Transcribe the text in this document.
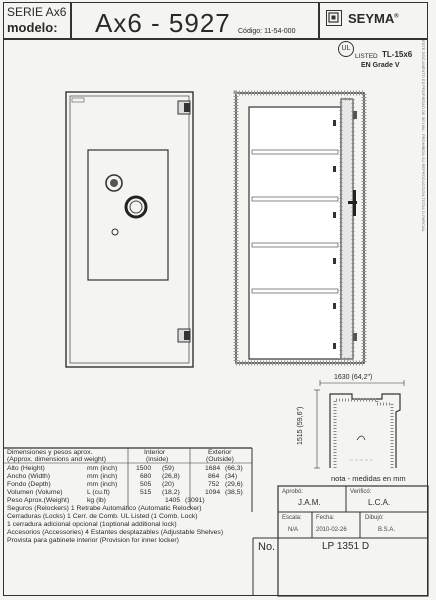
SERIE Ax6
modelo: Ax6 - 5927 Código: 11-54-000
SEYMA®
UL
LISTED TL-15x6
EN Grade V	ESTE DOCUMENTO ES PROPIEDAD DE SEYMA - PROHIBIDA SU REPRODUCCION TOTAL O PARCIAL
1630 (64,2")
1515 (59,6")
nota - medidas en mm
Dimensiones y pesos aprox.
(Approx. dimensions and weight)
Interior
(inside)
Exterior
(Outside)
Alto (Height)	mm (inch)	1500 (59)	1684 (66,3)
Ancho (Width)	mm (inch)	680 (26,8)	864 (34)
Fondo (Depth)	mm (inch)	505 (20)	752 (29,6)
Volumen (Volume)	L (cu.ft)	515 (18,2)	1094 (38,5)
Peso Aprox.(Weight)	kg (lb)	1405 (3091)
Seguros (Relockers) 1 Retrabe Automático (Automatic Relocker)
Cerraduras (Locks) 1 Cerr. de Comb. UL Listed (1 Comb. Lock)
1 cerradura adicional opcional (1optional additional lock)
Accesorios (Accessories) 4 Estantes desplazables (Adjustable Shelves)
Provista para gabinete interior (Provision for inner locker)
Aprobó:
J.A.M.
Verificó:
L.C.A.
Escala:
N/A
Fecha:
2010-02-26
Dibujó:
B.S.A.
No.	LP 1351 D
